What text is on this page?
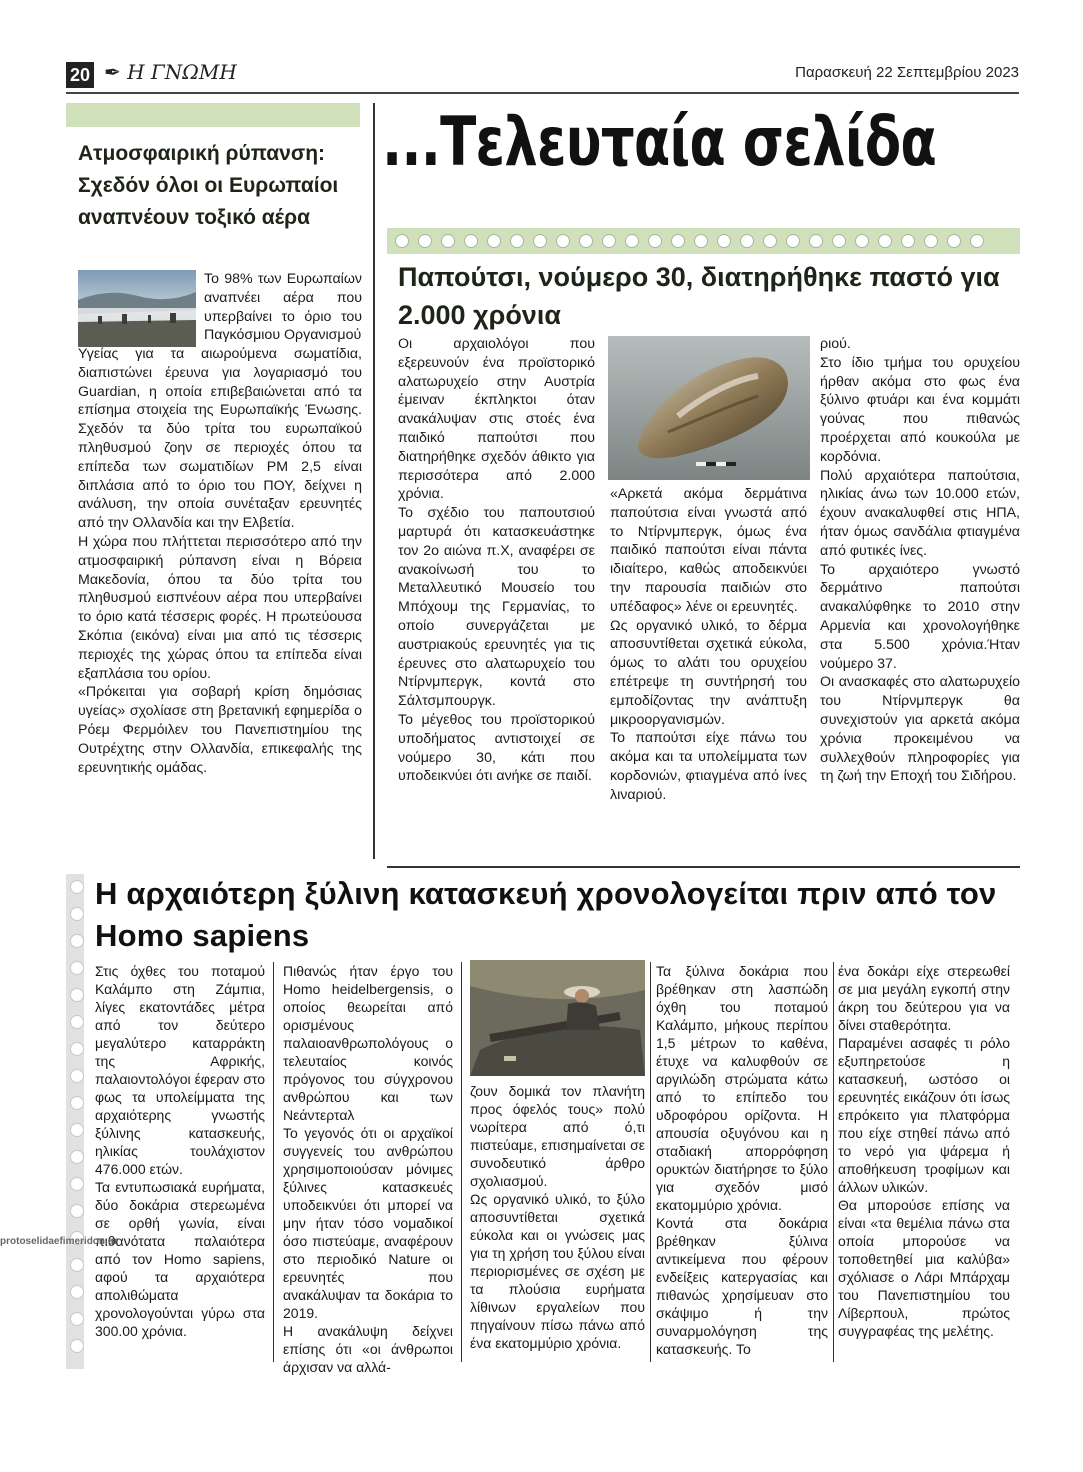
20 ✒ Η ΓΝΩΜΗ	Παρασκευή 22 Σεπτεμβρίου 2023
Ατμοσφαιρική ρύπανση: Σχεδόν όλοι οι Ευρωπαίοι αναπνέουν τοξικό αέρα

Το 98% των Ευρωπαίων αναπνέει αέρα που υπερβαίνει το όριο του Παγκόσμιου Οργανισμού

Υγείας για τα αιωρούμενα σωματίδια, διαπιστώνει έρευνα για λογαριασμό του Guardian, η οποία επιβεβαιώνεται από τα επίσημα στοιχεία της Ευρωπαϊκής Ένωσης. Σχεδόν τα δύο τρίτα του ευρωπαϊκού πληθυσμού ζοην σε περιοχές όπου τα επίπεδα των σωματιδίων PM 2,5 είναι διπλάσια από το όριο του ΠΟΥ, δείχνει η ανάλυση, την οποία συνέταξαν ερευνητές από την Ολλανδία και την Ελβετία.

Η χώρα που πλήττεται περισσότερο από την ατμοσφαιρική ρύπανση είναι η Βόρεια Μακεδονία, όπου τα δύο τρίτα του πληθυσμού εισπνέουν αέρα που υπερβαίνει το όριο κατά τέσσερις φορές. Η πρωτεύουσα Σκόπια (εικόνα) είναι μια από τις τέσσερις περιοχές της χώρας όπου τα επίπεδα είναι εξαπλάσια του ορίου.

«Πρόκειται για σοβαρή κρίση δημόσιας υγείας» σχολίασε στη βρετανική εφημερίδα ο Ρόεμ Φερμόιλεν του Πανεπιστημίου της Ουτρέχτης στην Ολλανδία, επικεφαλής της ερευνητικής ομάδας.

...Τελευταία σελίδα
Παπούτσι, νούμερο 30, διατηρήθηκε παστό για 2.000 χρόνια

Οι αρχαιολόγοι που εξερευνούν ένα προϊστορικό αλατωρυχείο στην Αυστρία έμειναν έκπληκτοι όταν ανακάλυψαν στις στοές ένα παιδικό παπούτσι που διατηρήθηκε σχεδόν άθικτο για περισσότερα από 2.000 χρόνια.

Το σχέδιο του παπουτσιού μαρτυρά ότι κατασκευάστηκε τον 2ο αιώνα π.Χ, αναφέρει σε ανακοίνωσή του το Μεταλλευτικό Μουσείο του Μπόχουμ της Γερμανίας, το οποίο συνεργάζεται με αυστριακούς ερευνητές για τις έρευνες στο αλατωρυχείο του Ντίρνμπεργκ, κοντά στο Σάλτσμπουργκ.

Το μέγεθος του προϊστορικού υποδήματος αντιστοιχεί σε νούμερο 30, κάτι που υποδεικνύει ότι ανήκε σε παιδί.

«Αρκετά ακόμα δερμάτινα παπούτσια είναι γνωστά από το Ντίρνμπεργκ, όμως ένα παιδικό παπούτσι είναι πάντα ιδιαίτερο, καθώς αποδεικνύει την παρουσία παιδιών στο υπέδαφος» λένε οι ερευνητές.

Ως οργανικό υλικό, το δέρμα αποσυντίθεται σχετικά εύκολα, όμως το αλάτι του ορυχείου επέτρεψε τη συντήρησή του εμποδίζοντας την ανάπτυξη μικροοργανισμών.

Το παπούτσι είχε πάνω του ακόμα και τα υπολείμματα των κορδονιών, φτιαγμένα από ίνες λιναριού.

ριού.

Στο ίδιο τμήμα του ορυχείου ήρθαν ακόμα στο φως ένα ξύλινο φτυάρι και ένα κομμάτι γούνας που πιθανώς προέρχεται από κουκούλα με κορδόνια.

Πολύ αρχαιότερα παπούτσια, ηλικίας άνω των 10.000 ετών, έχουν ανακαλυφθεί στις ΗΠΑ, ήταν όμως σανδάλια φτιαγμένα από φυτικές ίνες.

Το αρχαιότερο γνωστό δερμάτινο παπούτσι ανακαλύφθηκε το 2010 στην Αρμενία και χρονολογήθηκε στα 5.500 χρόνια.Ήταν νούμερο 37.

Οι ανασκαφές στο αλατωρυχείο του Ντίρνμπεργκ θα συνεχιστούν για αρκετά ακόμα χρόνια προκειμένου να συλλεχθούν πληροφορίες για τη ζωή την Εποχή του Σιδήρου.

Η αρχαιότερη ξύλινη κατασκευή χρονολογείται πριν από τον Homo sapiens
Στις όχθες του ποταμού Καλάμπο στη Ζάμπια, λίγες εκατοντάδες μέτρα από τον δεύτερο μεγαλύτερο καταρράκτη της Αφρικής, παλαιοντολόγοι έφεραν στο φως τα υπολείμματα της αρχαιότερης γνωστής ξύλινης κατασκευής, ηλικίας τουλάχιστον 476.000 ετών.
Τα εντυπωσιακά ευρήματα, δύο δοκάρια στερεωμένα σε ορθή γωνία, είναι πιθανότατα παλαιότερα από τον Homo sapiens, αφού τα αρχαιότερα απολιθώματα χρονολογούνται γύρω στα 300.00 χρόνια.
Πιθανώς ήταν έργο του Homo heidelbergensis, ο οποίος θεωρείται από ορισμένους παλαιοανθρωπολόγους ο τελευταίος κοινός πρόγονος του σύγχρονου ανθρώπου και των Νεάντερταλ
Το γεγονός ότι οι αρχαϊκοί συγγενείς του ανθρώπου χρησιμοποιούσαν μόνιμες ξύλινες κατασκευές υποδεικνύει ότι μπορεί να μην ήταν τόσο νομαδικοί όσο πιστεύαμε, αναφέρουν στο περιοδικό Nature οι ερευνητές που ανακάλυψαν τα δοκάρια το 2019.
Η ανακάλυψη δείχνει επίσης ότι «οι άνθρωποι άρχισαν να αλλά-
ζουν δομικά τον πλανήτη προς όφελός τους» πολύ νωρίτερα από ό,τι πιστεύαμε, επισημαίνεται σε συνοδευτικό άρθρο σχολιασμού.
Ως οργανικό υλικό, το ξύλο αποσυντίθεται σχετικά εύκολα και οι γνώσεις μας για τη χρήση του ξύλου είναι περιορισμένες σε σχέση με τα πλούσια ευρήματα λίθινων εργαλείων που πηγαίνουν πίσω πάνω από ένα εκατομμύριο χρόνια.
Τα ξύλινα δοκάρια που βρέθηκαν στη λασπώδη όχθη του ποταμού Καλάμπο, μήκους περίπου 1,5 μέτρων το καθένα, έτυχε να καλυφθούν σε αργιλώδη στρώματα κάτω από το επίπεδο του υδροφόρου ορίζοντα. Η απουσία οξυγόνου και η σταδιακή απορρόφηση ορυκτών διατήρησε το ξύλο για σχεδόν μισό εκατομμύριο χρόνια.
Κοντά στα δοκάρια βρέθηκαν ξύλινα αντικείμενα που φέρουν ενδείξεις κατεργασίας και πιθανώς χρησίμευαν στο σκάψιμο ή την συναρμολόγηση της κατασκευής. Το
ένα δοκάρι είχε στερεωθεί σε μια μεγάλη εγκοπή στην άκρη του δεύτερου για να δίνει σταθερότητα.
Παραμένει ασαφές τι ρόλο εξυπηρετούσε η κατασκευή, ωστόσο οι ερευνητές εικάζουν ότι ίσως επρόκειτο για πλατφόρμα που είχε στηθεί πάνω από το νερό για ψάρεμα ή αποθήκευση τροφίμων και άλλων υλικών.
Θα μπορούσε επίσης να είναι «τα θεμέλια πάνω στα οποία μπορούσε να τοποθετηθεί μια καλύβα» σχόλιασε ο Λάρι Μπάρχαμ του Πανεπιστημίου του Λίβερπουλ, πρώτος συγγραφέας της μελέτης.
protoselidaefimeridon.gr
